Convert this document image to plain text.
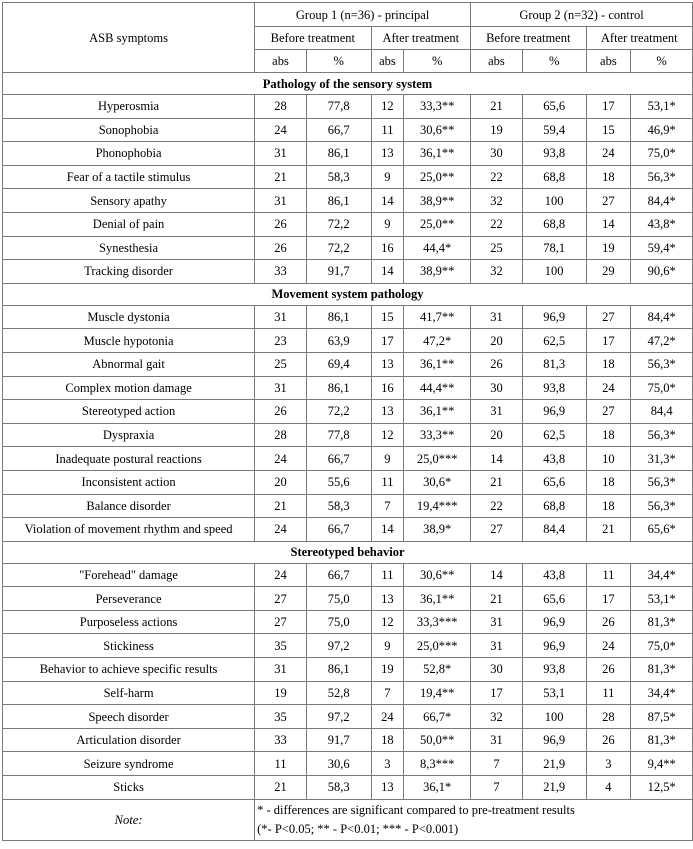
ASB symptoms	Group 1 (n=36) - principal				Group 2 (n=32) - control			
	Before treatment		After treatment		Before treatment		After treatment	
	abs	%	abs	%	abs	%	abs	%
Pathology of the sensory system								
Hyperosmia	28	77,8	12	33,3**	21	65,6	17	53,1*
Sonophobia	24	66,7	11	30,6**	19	59,4	15	46,9*
Phonophobia	31	86,1	13	36,1**	30	93,8	24	75,0*
Fear of a tactile stimulus	21	58,3	9	25,0**	22	68,8	18	56,3*
Sensory apathy	31	86,1	14	38,9**	32	100	27	84,4*
Denial of pain	26	72,2	9	25,0**	22	68,8	14	43,8*
Synesthesia	26	72,2	16	44,4*	25	78,1	19	59,4*
Tracking disorder	33	91,7	14	38,9**	32	100	29	90,6*
Movement system pathology								
Muscle dystonia	31	86,1	15	41,7**	31	96,9	27	84,4*
Muscle hypotonia	23	63,9	17	47,2*	20	62,5	17	47,2*
Abnormal gait	25	69,4	13	36,1**	26	81,3	18	56,3*
Complex motion damage	31	86,1	16	44,4**	30	93,8	24	75,0*
Stereotyped action	26	72,2	13	36,1**	31	96,9	27	84,4
Dyspraxia	28	77,8	12	33,3**	20	62,5	18	56,3*
Inadequate postural reactions	24	66,7	9	25,0***	14	43,8	10	31,3*
Inconsistent action	20	55,6	11	30,6*	21	65,6	18	56,3*
Balance disorder	21	58,3	7	19,4***	22	68,8	18	56,3*
Violation of movement rhythm and speed	24	66,7	14	38,9*	27	84,4	21	65,6*
Stereotyped behavior								
"Forehead" damage	24	66,7	11	30,6**	14	43,8	11	34,4*
Perseverance	27	75,0	13	36,1**	21	65,6	17	53,1*
Purposeless actions	27	75,0	12	33,3***	31	96,9	26	81,3*
Stickiness	35	97,2	9	25,0***	31	96,9	24	75,0*
Behavior to achieve specific results	31	86,1	19	52,8*	30	93,8	26	81,3*
Self-harm	19	52,8	7	19,4**	17	53,1	11	34,4*
Speech disorder	35	97,2	24	66,7*	32	100	28	87,5*
Articulation disorder	33	91,7	18	50,0**	31	96,9	26	81,3*
Seizure syndrome	11	30,6	3	8,3***	7	21,9	3	9,4**
Sticks	21	58,3	13	36,1*	7	21,9	4	12,5*
Note:	* - differences are significant compared to pre-treatment results
(*- P<0.05; ** - P<0.01; *** - P<0.001)							
